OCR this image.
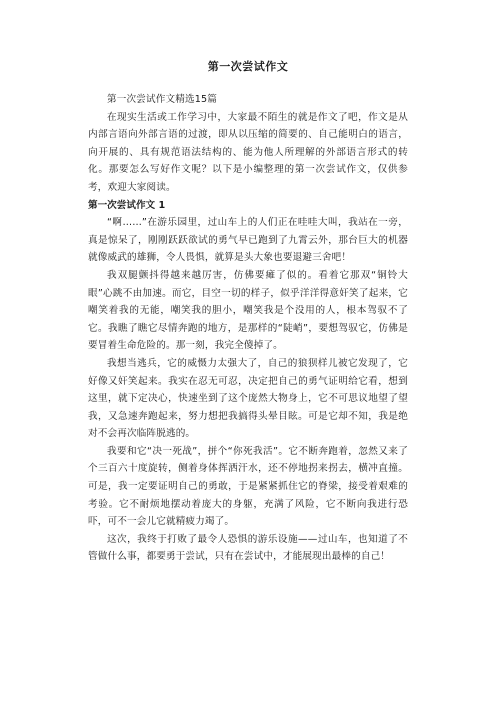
第一次尝试作文

第一次尝试作文精选15篇

在现实生活或工作学习中，大家最不陌生的就是作文了吧，作文是从内部言语向外部言语的过渡，即从以压缩的简要的、自己能明白的语言，向开展的、具有规范语法结构的、能为他人所理解的外部语言形式的转化。那要怎么写好作文呢？以下是小编整理的第一次尝试作文，仅供参考，欢迎大家阅读。

第一次尝试作文 1

“啊……”在游乐园里，过山车上的人们正在哇哇大叫，我站在一旁，真是惊呆了，刚刚跃跃欲试的勇气早已跑到了九霄云外，那台巨大的机器就像威武的雄狮，令人畏惧，就算是头大象也要退避三舍吧！

我双腿颤抖得越来越厉害，仿佛要瘫了似的。看着它那双“铜铃大眼”心跳不由加速。而它，目空一切的样子，似乎洋洋得意奸笑了起来，它嘲笑着我的无能，嘲笑我的胆小，嘲笑我是个没用的人，根本驾驭不了它。我瞧了瞧它尽情奔跑的地方，是那样的“陡峭”，要想驾驭它，仿佛是要冒着生命危险的。那一刻，我完全傻掉了。

我想当逃兵，它的威慑力太强大了，自己的狼狈样儿被它发现了，它好像又奸笑起来。我实在忍无可忍，决定把自己的勇气证明给它看，想到这里，就下定决心，快速坐到了这个庞然大物身上，它不可思议地望了望我，又急速奔跑起来，努力想把我搞得头晕目眩。可是它却不知，我是绝对不会再次临阵脱逃的。

我要和它“决一死战”，拼个“你死我活”。它不断奔跑着，忽然又来了个三百六十度旋转，侧着身体挥洒汗水，还不停地拐来拐去，横冲直撞。可是，我一定要证明自己的勇敢，于是紧紧抓住它的脊梁，接受着艰难的考验。它不耐烦地摆动着庞大的身躯，充满了风险，它不断向我进行恐吓，可不一会儿它就精疲力竭了。

这次，我终于打败了最令人恐惧的游乐设施——过山车，也知道了不管做什么事，都要勇于尝试，只有在尝试中，才能展现出最棒的自己！
